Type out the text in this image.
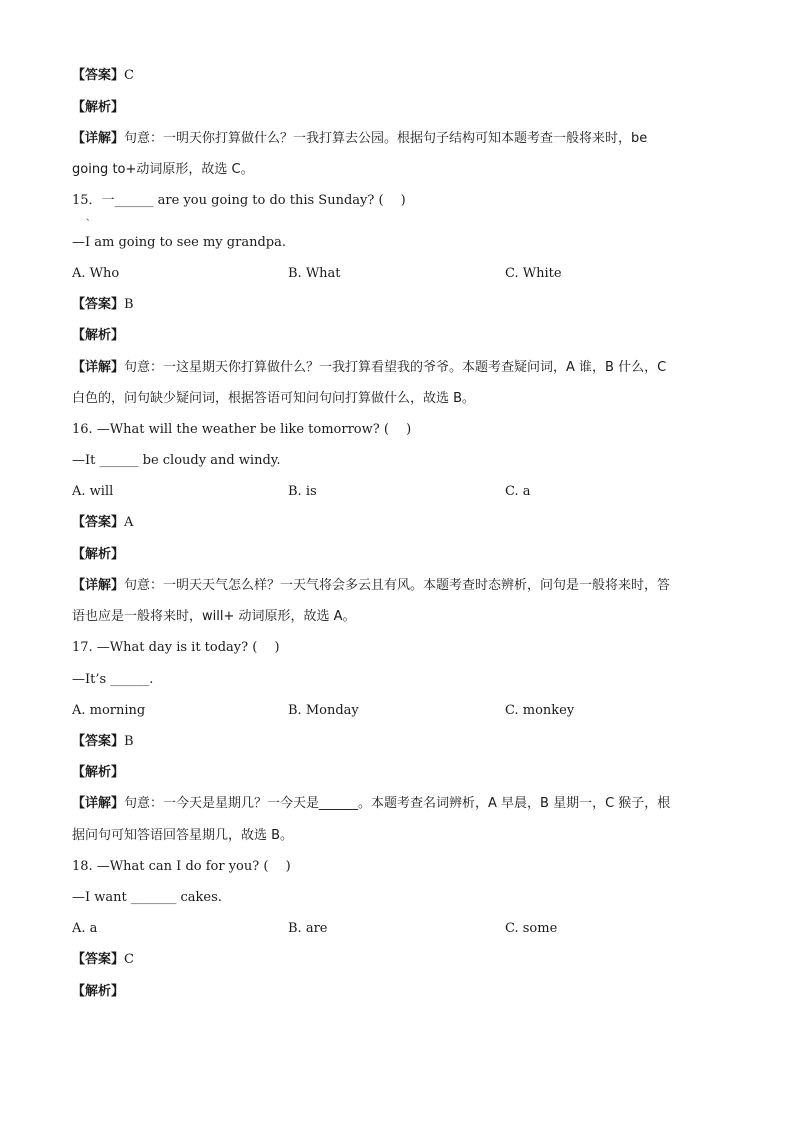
【答案】C
【解析】
【详解】句意：一明天你打算做什么？一我打算去公园。根据句子结构可知本题考查一般将来时，be
going to+动词原形，故选 C。
15．一______ are you going to do this Sunday? (　 )
、
—I am going to see my grandpa.
A. Who	B. What	C. White
【答案】B
【解析】
【详解】句意：一这星期天你打算做什么？一我打算看望我的爷爷。本题考查疑问词，A 谁，B 什么，C
白色的，问句缺少疑问词，根据答语可知问句问打算做什么，故选 B。
16. —What will the weather be like tomorrow? (　 )
—It ______ be cloudy and windy.
A. will	B. is	C. a
【答案】A
【解析】
【详解】句意：一明天天气怎么样？一天气将会多云且有风。本题考查时态辨析，问句是一般将来时，答
语也应是一般将来时，will+ 动词原形，故选 A。
17. —What day is it today? (　 )
—It’s ______.
A. morning	B. Monday	C. monkey
【答案】B
【解析】
【详解】句意：一今天是星期几？一今天是______。本题考查名词辨析，A 早晨，B 星期一，C 猴子，根
据问句可知答语回答星期几，故选 B。
18. —What can I do for you? (　 )
—I want _______ cakes.
A. a	B. are	C. some
【答案】C
【解析】
